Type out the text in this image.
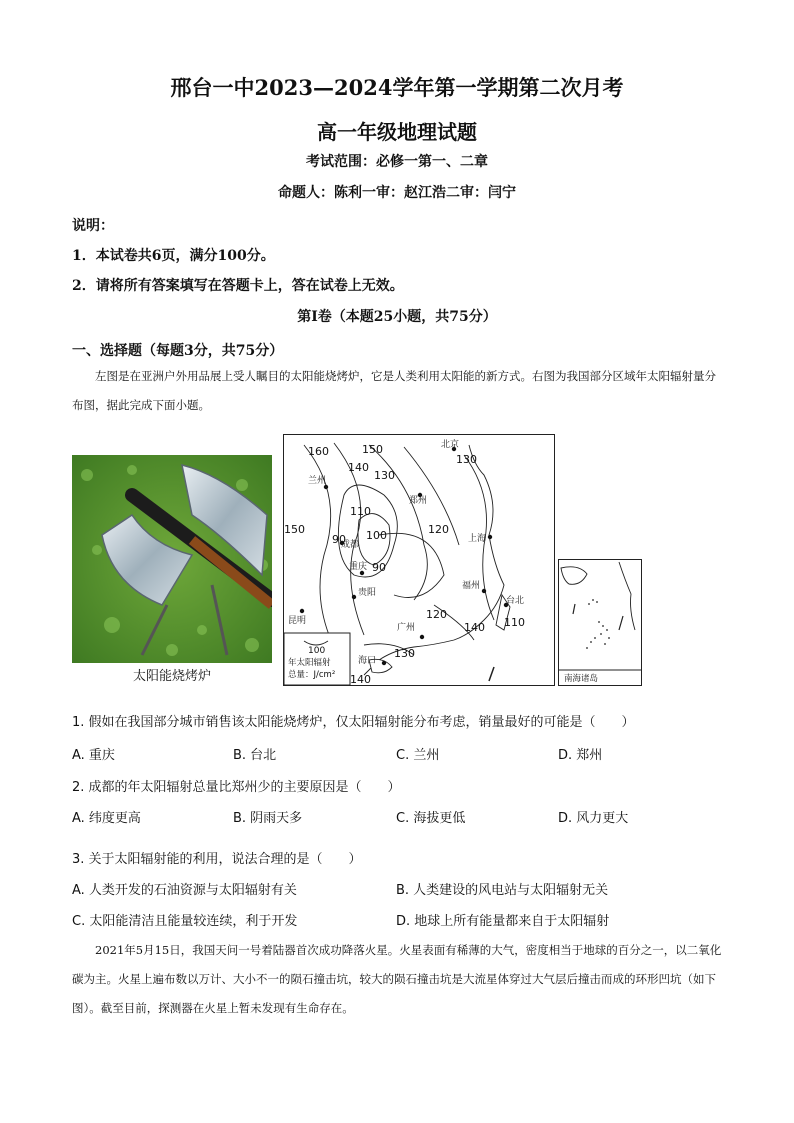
邢台一中2023—2024学年第一学期第二次月考
高一年级地理试题
考试范围：必修一第一、二章
命题人：陈利一审：赵江浩二审：闫宁
说明：
1．本试卷共6页，满分100分。
2．请将所有答案填写在答题卡上，答在试卷上无效。
第Ⅰ卷（本题25小题，共75分）
一、选择题（每题3分，共75分）
左图是在亚洲户外用品展上受人瞩目的太阳能烧烤炉，它是人类利用太阳能的新方式。右图为我国部分区域年太阳辐射量分布图，据此完成下面小题。
太阳能烧烤炉
北京
兰州
郑州
成都
重庆
贵阳
上海
福州
台北
广州
昆明
海口
160	150
140
130
120
110
100
90
150
90
120
110
140
130
140
130
100
年太阳辐射
总量：J/cm²	南海诸岛
1. 假如在我国部分城市销售该太阳能烧烤炉，仅太阳辐射能分布考虑，销量最好的可能是（　　）
A. 重庆	B. 台北	C. 兰州	D. 郑州
2. 成都的年太阳辐射总量比郑州少的主要原因是（　　）
A. 纬度更高	B. 阴雨天多	C. 海拔更低	D. 风力更大
3. 关于太阳辐射能的利用，说法合理的是（　　）
A. 人类开发的石油资源与太阳辐射有关	B. 人类建设的风电站与太阳辐射无关
C. 太阳能清洁且能量较连续，利于开发	D. 地球上所有能量都来自于太阳辐射
2021年5月15日，我国天问一号着陆器首次成功降落火星。火星表面有稀薄的大气，密度相当于地球的百分之一，以二氧化碳为主。火星上遍布数以万计、大小不一的陨石撞击坑，较大的陨石撞击坑是大流星体穿过大气层后撞击而成的环形凹坑（如下图）。截至目前，探测器在火星上暂未发现有生命存在。
